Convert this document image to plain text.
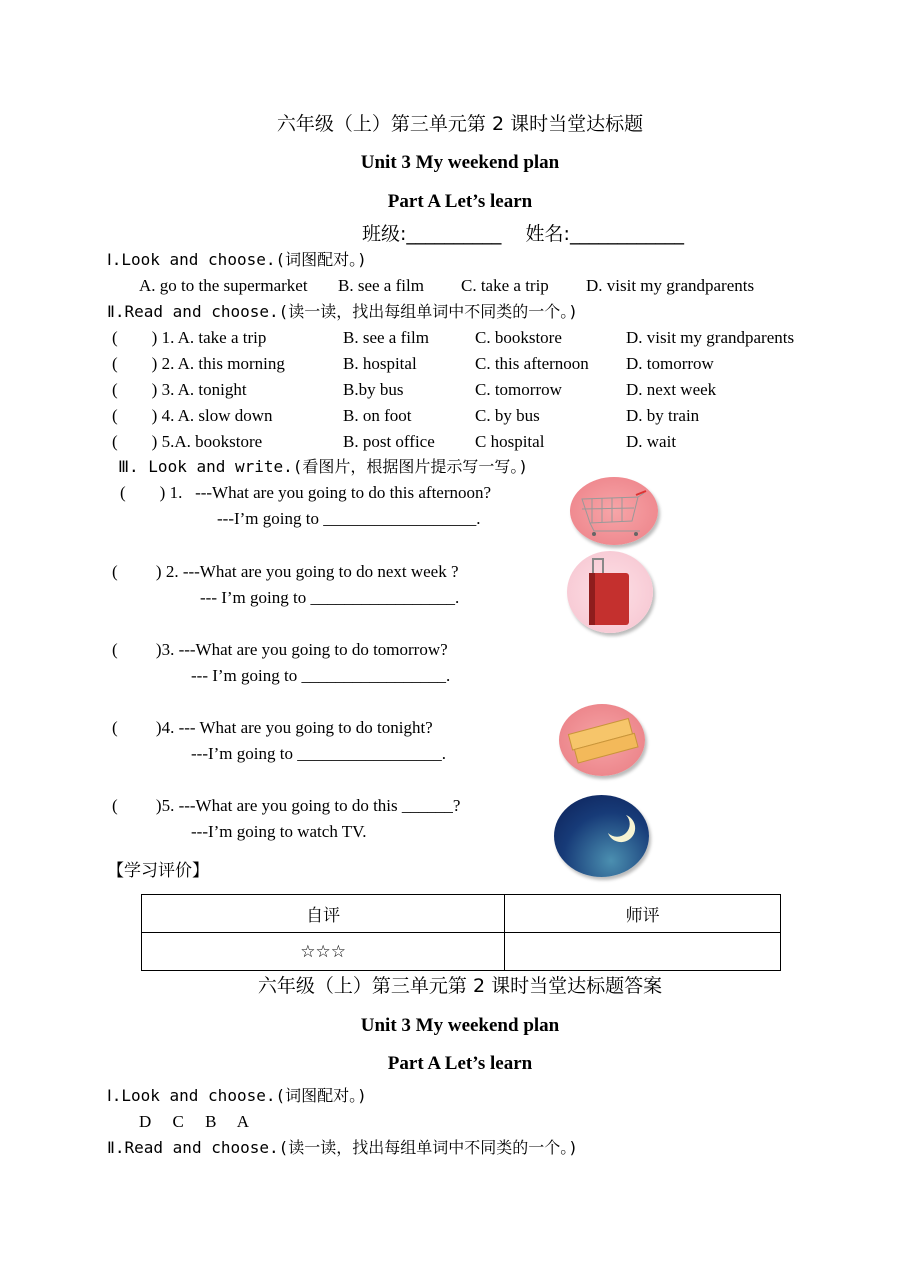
六年级（上）第三单元第 2 课时当堂达标题
Unit 3 My weekend plan
Part A Let’s learn
班级:__________    姓名:____________
Ⅰ.Look and choose.(词图配对。)
A. go to the supermarket B. see a film C. take a trip D. visit my grandparents
Ⅱ.Read and choose.(读一读，找出每组单词中不同类的一个。)
(        ) 1. A. take a trip	B. see a film	C. bookstore	D. visit my grandparents
(        ) 2. A. this morning	B. hospital	C. this afternoon D. tomorrow
(        ) 3. A. tonight	B.by bus	C. tomorrow	D. next week
(        ) 4. A. slow down	B. on foot	C. by bus	D. by train
(        ) 5.A. bookstore	B. post office C hospital	D. wait
Ⅲ. Look and write.(看图片，根据图片提示写一写。)
(        ) 1.   ---What are you going to do this afternoon?
---I’m going to __________________.
(         ) 2. ---What are you going to do next week ?
--- I’m going to _________________.
(         )3. ---What are you going to do tomorrow?
--- I’m going to _________________.
(         )4. --- What are you going to do tonight?
---I’m going to _________________.
(         )5. ---What are you going to do this ______?
---I’m going to watch TV.
【学习评价】
自评	师评
☆☆☆	
六年级（上）第三单元第 2 课时当堂达标题答案
Unit 3 My weekend plan
Part A Let’s learn
Ⅰ.Look and choose.(词图配对。)
D     C     B     A
Ⅱ.Read and choose.(读一读，找出每组单词中不同类的一个。)
